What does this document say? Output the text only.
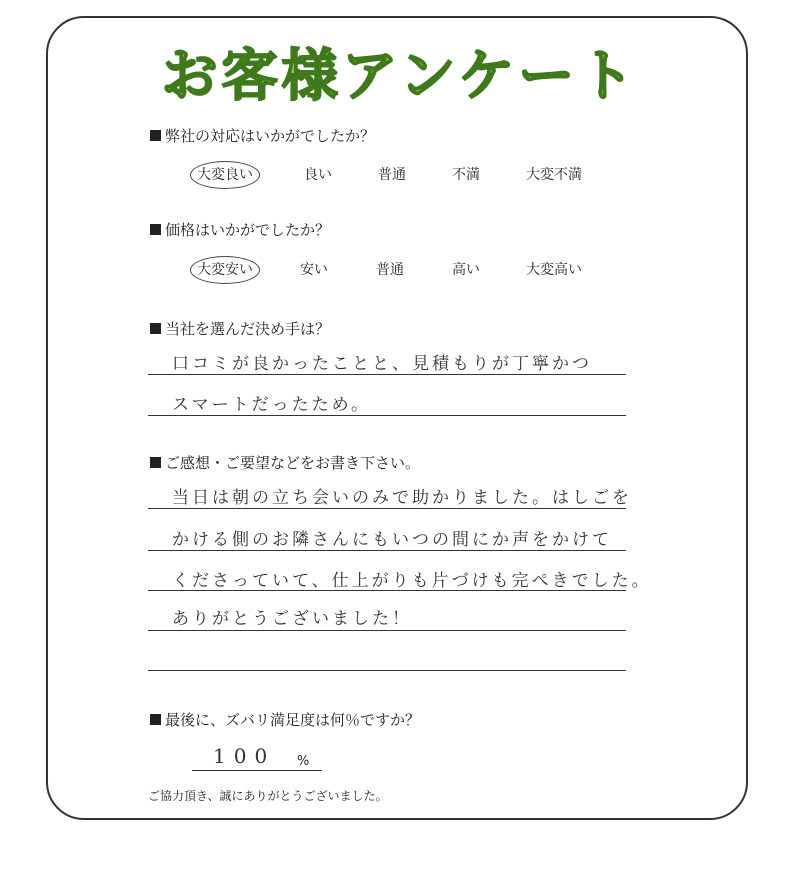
お客様アンケート
弊社の対応はいかがでしたか？
大変良い	良い	普通	不満	大変不満
価格はいかがでしたか？
大変安い	安い	普通	高い	大変高い
当社を選んだ決め手は？
口コミが良かったことと、見積もりが丁寧かつ
スマートだったため。
ご感想・ご要望などをお書き下さい。
当日は朝の立ち会いのみで助かりました。はしごを
かける側のお隣さんにもいつの間にか声をかけて
くださっていて、仕上がりも片づけも完ぺきでした。
ありがとうございました！
最後に、ズバリ満足度は何％ですか？
100 %
ご協力頂き、誠にありがとうございました。
